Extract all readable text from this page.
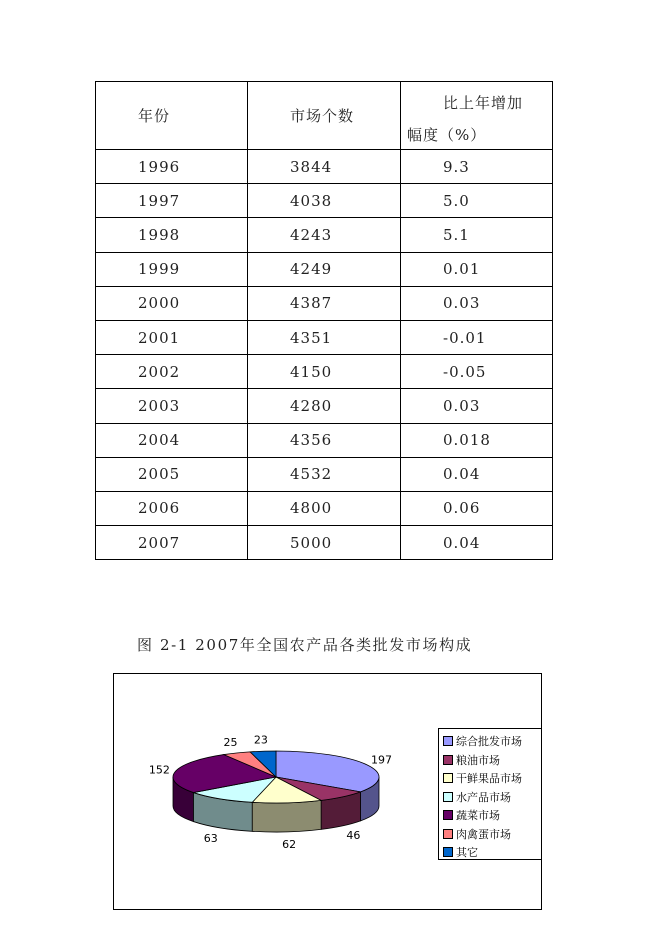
年份	市场个数	比上年增加
幅度（%）

1996	3844	9.3
1997	4038	5.0
1998	4243	5.1
1999	4249	0.01
2000	4387	0.03
2001	4351	-0.01
2002	4150	-0.05
2003	4280	0.03
2004	4356	0.018
2005	4532	0.04
2006	4800	0.06
2007	5000	0.04
图 2-1 2007年全国农产品各类批发市场构成
197
46
62
63
152
25 23	综合批发市场
粮油市场
干鲜果品市场
水产品市场
蔬菜市场
肉禽蛋市场
其它
